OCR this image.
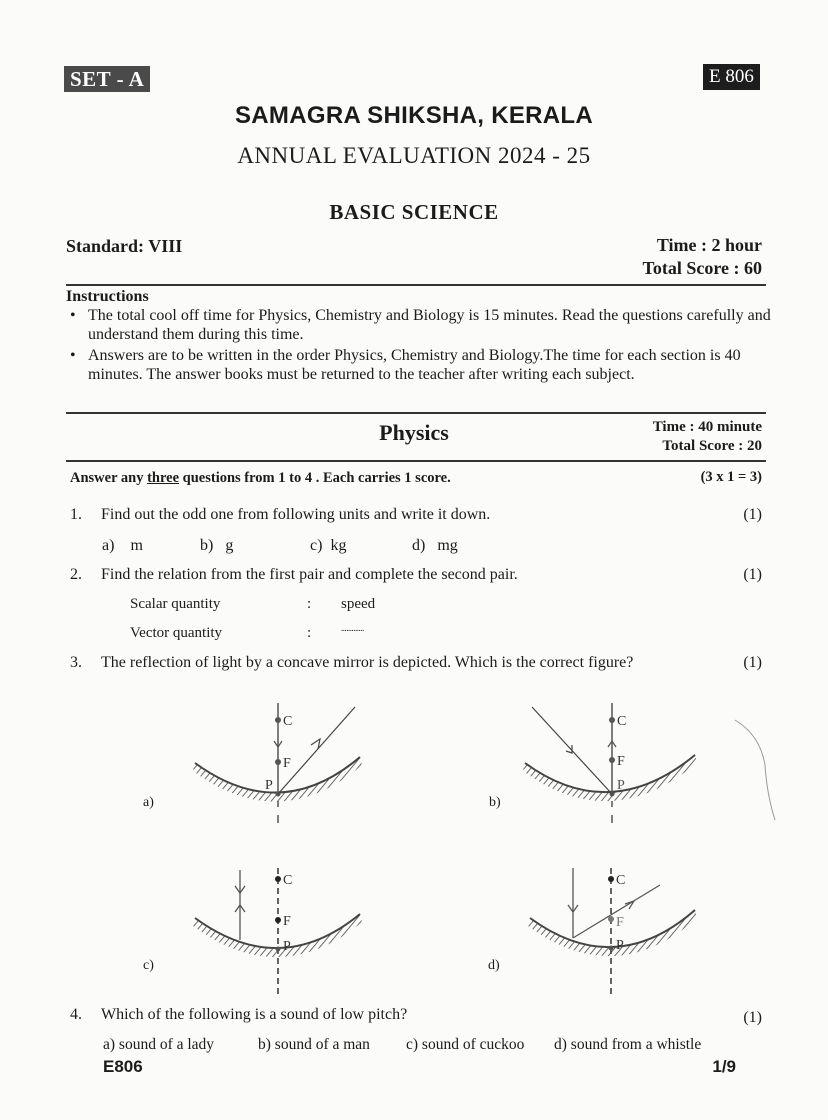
SET - A	E 806
SAMAGRA SHIKSHA, KERALA
ANNUAL EVALUATION 2024 - 25
BASIC SCIENCE
Standard: VIII	Time : 2 hour
Total Score : 60
Instructions
• The total cool off time for Physics, Chemistry and Biology is 15 minutes. Read the questions carefully and understand them during this time.
• Answers are to be written in the order Physics, Chemistry and Biology.The time for each section is 40 minutes. The answer books must be returned to the teacher after writing each subject.
Physics	Time : 40 minute
Total Score : 20
Answer any three questions from 1 to 4 . Each carries 1 score.	(3 x 1 = 3)
1. Find out the odd one from following units and write it down.	(1)
a) m	b) g	c) kg	d) mg
2. Find the relation from the first pair and complete the second pair.	(1)
Scalar quantity	: speed
Vector quantity	:	.............
3. The reflection of light by a concave mirror is depicted. Which is the correct figure?	(1)
a)
C
F
P
b)
C
F
P
c)
C
F
P
d)
C
F
P
4. Which of the following is a sound of low pitch?	(1)
a) sound of a lady	b) sound of a man c) sound of cuckoo d) sound from a whistle
E806	1/9
